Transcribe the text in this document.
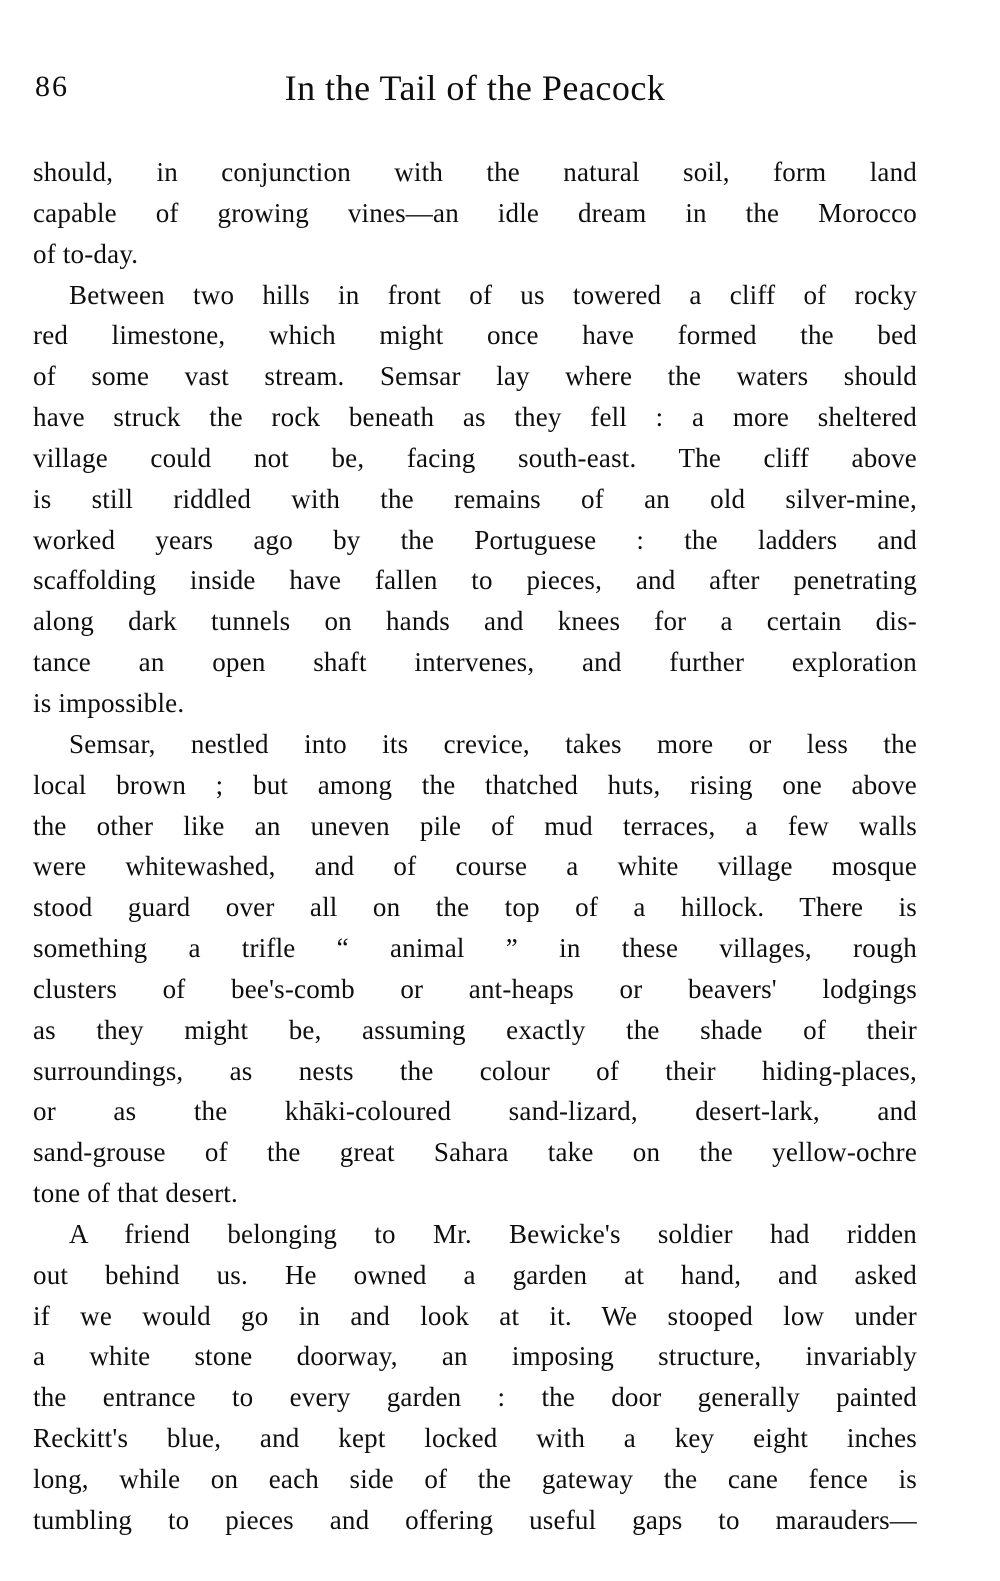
86	In the Tail of the Peacock
should, in conjunction with the natural soil, form land
capable of growing vines—an idle dream in the Morocco
of to-day.
Between two hills in front of us towered a cliff of rocky
red limestone, which might once have formed the bed
of some vast stream. Semsar lay where the waters should
have struck the rock beneath as they fell : a more sheltered
village could not be, facing south-east. The cliff above
is still riddled with the remains of an old silver-mine,
worked years ago by the Portuguese : the ladders and
scaffolding inside have fallen to pieces, and after penetrating
along dark tunnels on hands and knees for a certain dis-
tance an open shaft intervenes, and further exploration
is impossible.
Semsar, nestled into its crevice, takes more or less the
local brown ; but among the thatched huts, rising one above
the other like an uneven pile of mud terraces, a few walls
were whitewashed, and of course a white village mosque
stood guard over all on the top of a hillock. There is
something a trifle “ animal ” in these villages, rough
clusters of bee's-comb or ant-heaps or beavers' lodgings
as they might be, assuming exactly the shade of their
surroundings, as nests the colour of their hiding-places,
or as the khāki-coloured sand-lizard, desert-lark, and
sand-grouse of the great Sahara take on the yellow-ochre
tone of that desert.
A friend belonging to Mr. Bewicke's soldier had ridden
out behind us. He owned a garden at hand, and asked
if we would go in and look at it. We stooped low under
a white stone doorway, an imposing structure, invariably
the entrance to every garden : the door generally painted
Reckitt's blue, and kept locked with a key eight inches
long, while on each side of the gateway the cane fence is
tumbling to pieces and offering useful gaps to marauders—
